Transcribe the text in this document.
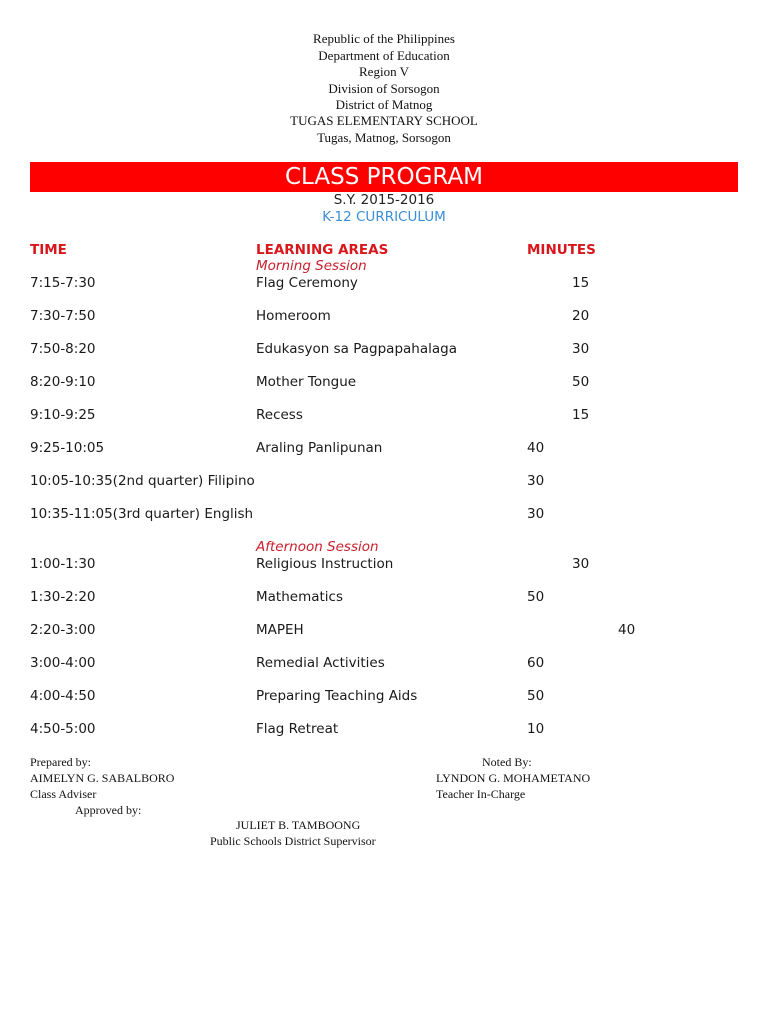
Republic of the Philippines
Department of Education
Region V
Division of Sorsogon
District of Matnog
TUGAS ELEMENTARY SCHOOL
Tugas, Matnog, Sorsogon
CLASS PROGRAM
S.Y. 2015-2016
K-12 CURRICULUM
TIME	LEARNING AREAS	MINUTES
Morning Session
7:15-7:30	Flag Ceremony	15
7:30-7:50	Homeroom	20
7:50-8:20	Edukasyon sa Pagpapahalaga	30
8:20-9:10	Mother Tongue	50
9:10-9:25	Recess	15
9:25-10:05	Araling Panlipunan	40
10:05-10:35(2nd quarter) Filipino	30
10:35-11:05(3rd quarter) English	30
Afternoon Session
1:00-1:30	Religious Instruction	30
1:30-2:20	Mathematics	50
2:20-3:00	MAPEH	40
3:00-4:00	Remedial Activities	60
4:00-4:50	Preparing Teaching Aids	50
4:50-5:00	Flag Retreat	10
Prepared by:
AIMELYN G. SABALBORO
Class Adviser
Noted By:
LYNDON G. MOHAMETANO
Teacher In-Charge
Approved by:
JULIET B. TAMBOONG
Public Schools District Supervisor
